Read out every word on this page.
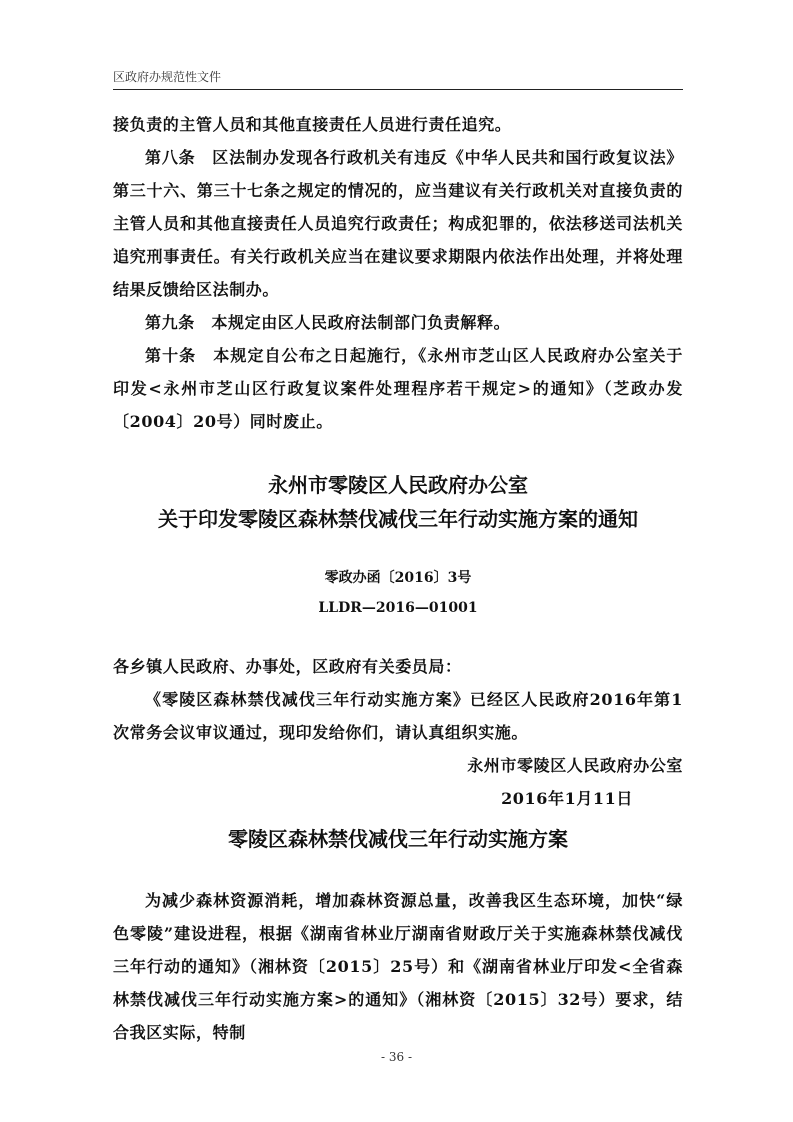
区政府办规范性文件

接负责的主管人员和其他直接责任人员进行责任追究。

第八条　区法制办发现各行政机关有违反《中华人民共和国行政复议法》第三十六、第三十七条之规定的情况的，应当建议有关行政机关对直接负责的主管人员和其他直接责任人员追究行政责任；构成犯罪的，依法移送司法机关追究刑事责任。有关行政机关应当在建议要求期限内依法作出处理，并将处理结果反馈给区法制办。

第九条　本规定由区人民政府法制部门负责解释。

第十条　本规定自公布之日起施行，《永州市芝山区人民政府办公室关于印发<永州市芝山区行政复议案件处理程序若干规定>的通知》（芝政办发〔2004〕20号）同时废止。

永州市零陵区人民政府办公室

关于印发零陵区森林禁伐减伐三年行动实施方案的通知

零政办函〔2016〕3号
LLDR—2016—01001

各乡镇人民政府、办事处，区政府有关委员局：

《零陵区森林禁伐减伐三年行动实施方案》已经区人民政府2016年第1次常务会议审议通过，现印发给你们，请认真组织实施。

永州市零陵区人民政府办公室

2016年1月11日

零陵区森林禁伐减伐三年行动实施方案

为减少森林资源消耗，增加森林资源总量，改善我区生态环境，加快“绿色零陵”建设进程，根据《湖南省林业厅湖南省财政厅关于实施森林禁伐减伐三年行动的通知》（湘林资〔2015〕25号）和《湖南省林业厅印发<全省森林禁伐减伐三年行动实施方案>的通知》（湘林资〔2015〕32号）要求，结合我区实际，特制

- 36 -
